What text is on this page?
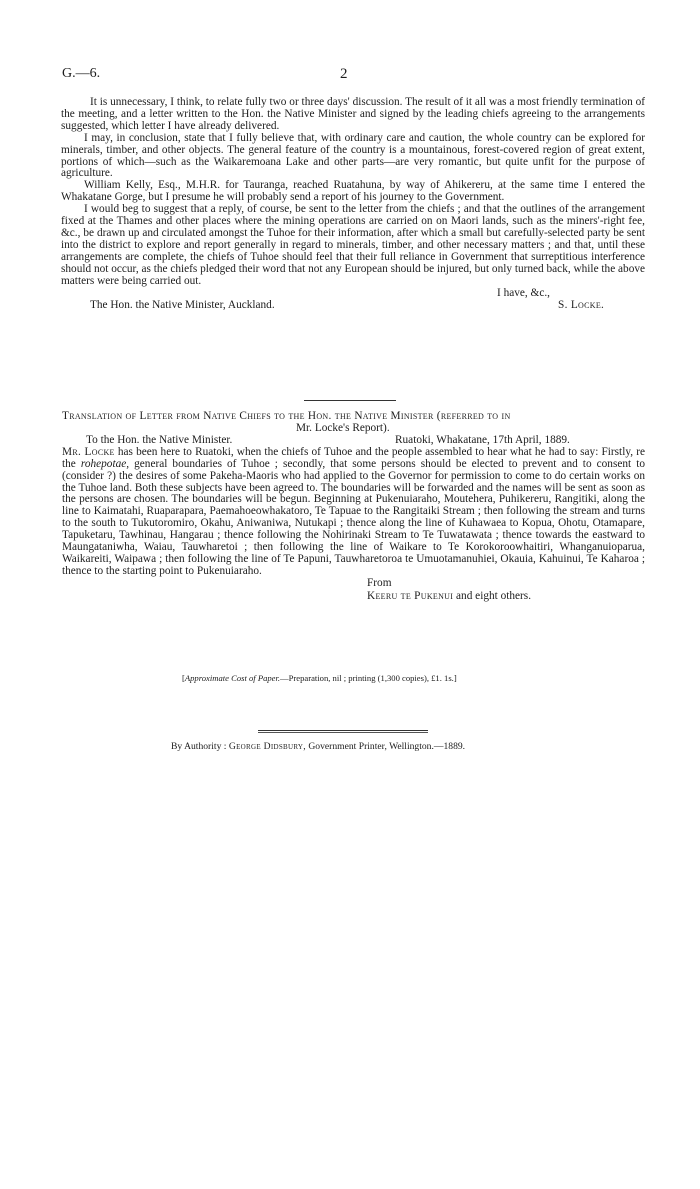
G.—6.	2

It is unnecessary, I think, to relate fully two or three days' discussion. The result of it all was a most friendly termination of the meeting, and a letter written to the Hon. the Native Minister and signed by the leading chiefs agreeing to the arrangements suggested, which letter I have already delivered.

I may, in conclusion, state that I fully believe that, with ordinary care and caution, the whole country can be explored for minerals, timber, and other objects. The general feature of the country is a mountainous, forest-covered region of great extent, portions of which—such as the Waikaremoana Lake and other parts—are very romantic, but quite unfit for the purpose of agriculture.

William Kelly, Esq., M.H.R. for Tauranga, reached Ruatahuna, by way of Ahikereru, at the same time I entered the Whakatane Gorge, but I presume he will probably send a report of his journey to the Government.

I would beg to suggest that a reply, of course, be sent to the letter from the chiefs ; and that the outlines of the arrangement fixed at the Thames and other places where the mining operations are carried on on Maori lands, such as the miners'-right fee, &c., be drawn up and circulated amongst the Tuhoe for their information, after which a small but carefully-selected party be sent into the district to explore and report generally in regard to minerals, timber, and other necessary matters ; and that, until these arrangements are complete, the chiefs of Tuhoe should feel that their full reliance in Government that surreptitious interference should not occur, as the chiefs pledged their word that not any European should be injured, but only turned back, while the above matters were being carried out.

I have, &c.,
The Hon. the Native Minister, Auckland.	S. Locke.

Translation of Letter from Native Chiefs to the Hon. the Native Minister (referred to in

Mr. Locke's Report).

To the Hon. the Native Minister.	Ruatoki, Whakatane, 17th April, 1889.

Mr. Locke has been here to Ruatoki, when the chiefs of Tuhoe and the people assembled to hear what he had to say: Firstly, re the rohepotae, general boundaries of Tuhoe ; secondly, that some persons should be elected to prevent and to consent to (consider ?) the desires of some Pakeha-Maoris who had applied to the Governor for permission to come to do certain works on the Tuhoe land. Both these subjects have been agreed to. The boundaries will be forwarded and the names will be sent as soon as the persons are chosen. The boundaries will be begun. Beginning at Pukenuiaraho, Moutehera, Puhikereru, Rangitiki, along the line to Kaimatahi, Ruaparapara, Paemahoeowhakatoro, Te Tapuae to the Rangitaiki Stream ; then following the stream and turns to the south to Tukutoromiro, Okahu, Aniwaniwa, Nutukapi ; thence along the line of Kuhawaea to Kopua, Ohotu, Otamapare, Tapuketaru, Tawhinau, Hangarau ; thence following the Nohirinaki Stream to Te Tuwatawata ; thence towards the eastward to Maungataniwha, Waiau, Tauwharetoi ; then following the line of Waikare to Te Korokoroowhaitiri, Whanganuioparua, Waikareiti, Waipawa ; then following the line of Te Papuni, Tauwharetoroa te Umuotamanuhiei, Okauia, Kahuinui, Te Kaharoa ; thence to the starting point to Pukenuiaraho.

From

Keeru te Pukenui and eight others.

[Approximate Cost of Paper.—Preparation, nil ; printing (1,300 copies), £1. 1s.]
By Authority : George Didsbury, Government Printer, Wellington.—1889.
